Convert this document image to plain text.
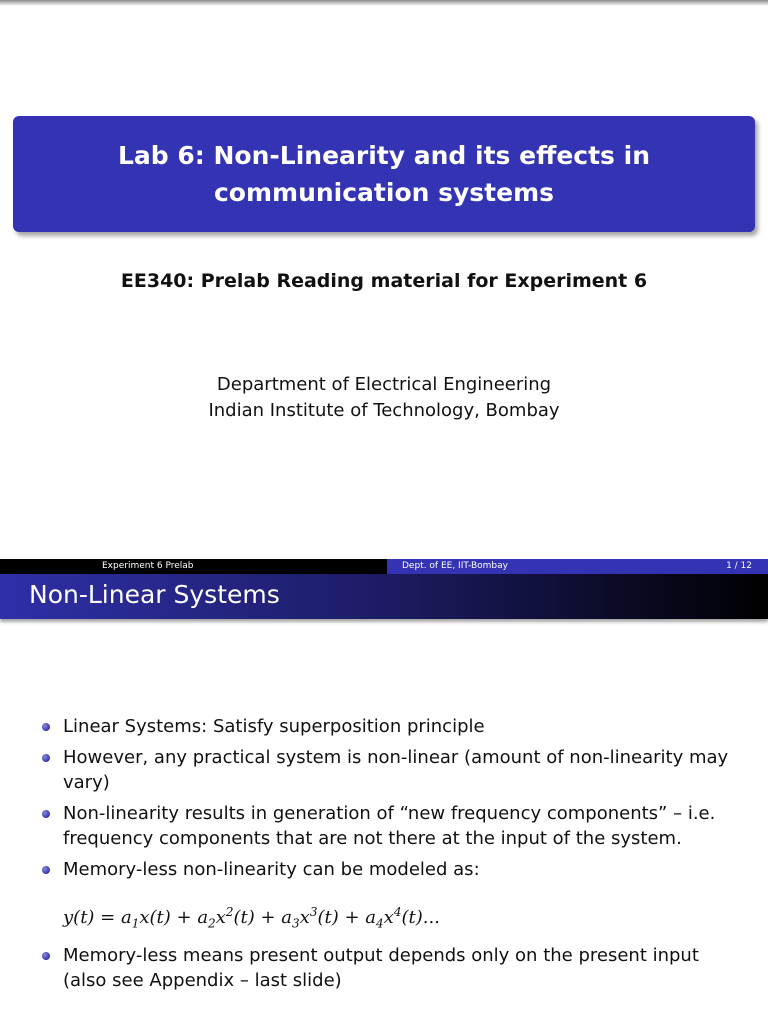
Lab 6: Non-Linearity and its effects in
communication systems
EE340: Prelab Reading material for Experiment 6
Department of Electrical Engineering
Indian Institute of Technology, Bombay
Experiment 6 Prelab	Dept. of EE, IIT-Bombay	1 / 12
Non-Linear Systems
Linear Systems: Satisfy superposition principle
However, any practical system is non-linear (amount of non-linearity may vary)
Non-linearity results in generation of “new frequency components” – i.e. frequency components that are not there at the input of the system.
Memory-less non-linearity can be modeled as:
$y(t) = a_1x(t) + a_2x^2(t) + a_3x^3(t) + a_4x^4(t)$...
Memory-less means present output depends only on the present input (also see Appendix – last slide)
